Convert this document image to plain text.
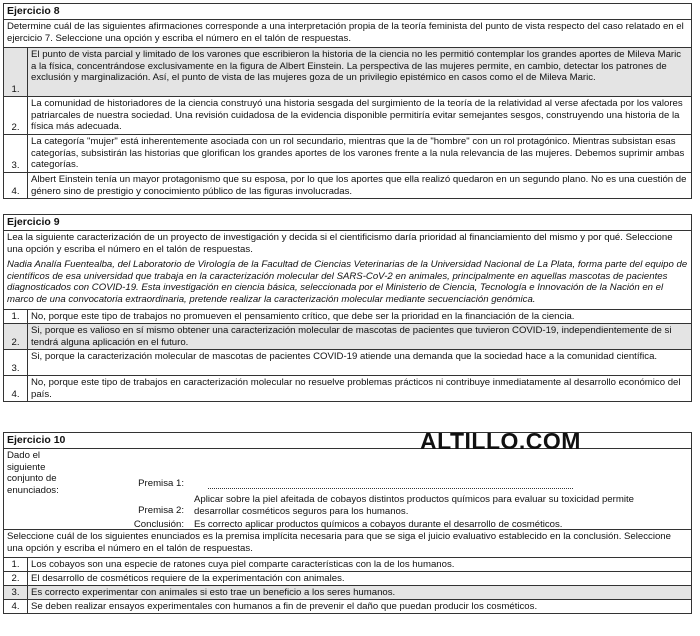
Ejercicio 8
Determine cuál de las siguientes afirmaciones corresponde a una interpretación propia de la teoría feminista del punto de vista respecto del caso relatado en el ejercicio 7. Seleccione una opción y escriba el número en el talón de respuestas.
1.
El punto de vista parcial y limitado de los varones que escribieron la historia de la ciencia no les permitió contemplar los grandes aportes de Mileva Maric a la física, concentrándose exclusivamente en la figura de Albert Einstein. La perspectiva de las mujeres permite, en cambio, detectar los patrones de exclusión y marginalización. Así, el punto de vista de las mujeres goza de un privilegio epistémico en casos como el de Mileva Maric.
2.
La comunidad de historiadores de la ciencia construyó una historia sesgada del surgimiento de la teoría de la relatividad al verse afectada por los valores patriarcales de nuestra sociedad. Una revisión cuidadosa de la evidencia disponible permitiría evitar semejantes sesgos, construyendo una historia de la física más adecuada.
3.
La categoría "mujer" está inherentemente asociada con un rol secundario, mientras que la de "hombre" con un rol protagónico. Mientras subsistan esas categorías, subsistirán las historias que glorifican los grandes aportes de los varones frente a la nula relevancia de las mujeres. Debemos suprimir ambas categorías.
4.
Albert Einstein tenía un mayor protagonismo que su esposa, por lo que los aportes que ella realizó quedaron en un segundo plano. No es una cuestión de género sino de prestigio y conocimiento público de las figuras involucradas.
Ejercicio 9
Lea la siguiente caracterización de un proyecto de investigación y decida si el cientificismo daría prioridad al financiamiento del mismo y por qué. Seleccione una opción y escriba el número en el talón de respuestas.
Nadia Analía Fuentealba, del Laboratorio de Virología de la Facultad de Ciencias Veterinarias de la Universidad Nacional de La Plata, forma parte del equipo de científicos de esa universidad que trabaja en la caracterización molecular del SARS-CoV-2 en animales, principalmente en aquellas mascotas de pacientes diagnosticados con COVID-19. Esta investigación en ciencia básica, seleccionada por el Ministerio de Ciencia, Tecnología e Innovación de la Nación en el marco de una convocatoria extraordinaria, pretende realizar la caracterización molecular mediante secuenciación genómica.
1.	No, porque este tipo de trabajos no promueven el pensamiento crítico, que debe ser la prioridad en la financiación de la ciencia.
2.
Si, porque es valioso en sí mismo obtener una caracterización molecular de mascotas de pacientes que tuvieron COVID-19, independientemente de si tendrá alguna aplicación en el futuro.
3.
Si, porque la caracterización molecular de mascotas de pacientes COVID-19 atiende una demanda que la sociedad hace a la comunidad científica.
4.
No, porque este tipo de trabajos en caracterización molecular no resuelve problemas prácticos ni contribuye inmediatamente al desarrollo económico del país.
Ejercicio 10
Dado el siguiente conjunto de enunciados:
Premisa 1:
Premisa 2:
Aplicar sobre la piel afeitada de cobayos distintos productos químicos para evaluar su toxicidad permite desarrollar cosméticos seguros para los humanos.
Conclusión: Es correcto aplicar productos químicos a cobayos durante el desarrollo de cosméticos.
Seleccione cuál de los siguientes enunciados es la premisa implícita necesaria para que se siga el juicio evaluativo establecido en la conclusión. Seleccione una opción y escriba el número en el talón de respuestas.
1.	Los cobayos son una especie de ratones cuya piel comparte características con la de los humanos.
2.	El desarrollo de cosméticos requiere de la experimentación con animales.
3.	Es correcto experimentar con animales si esto trae un beneficio a los seres humanos.
4.	Se deben realizar ensayos experimentales con humanos a fin de prevenir el daño que puedan producir los cosméticos.
ALTILLO.COM
